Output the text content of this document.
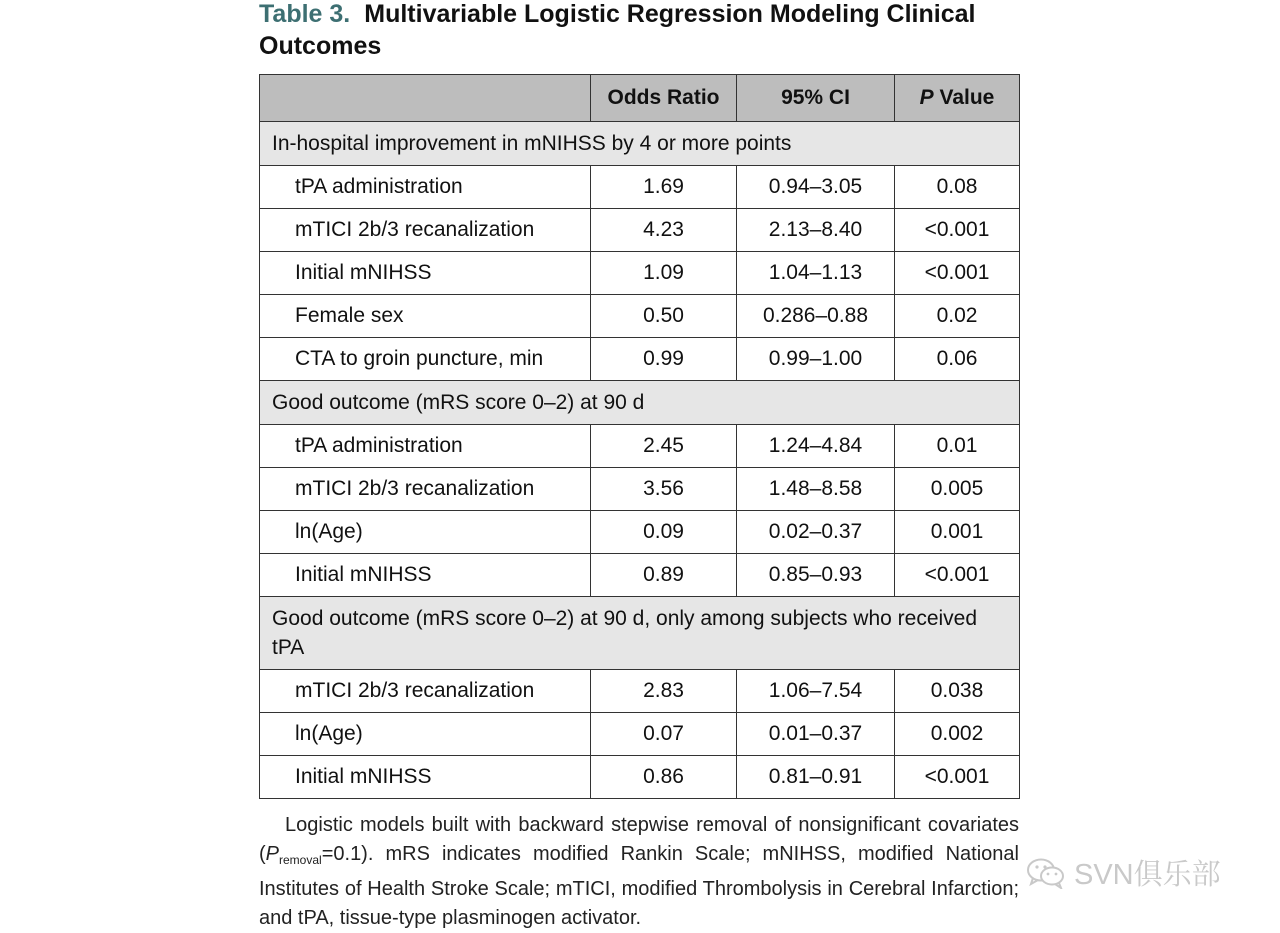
Table 3. Multivariable Logistic Regression Modeling Clinical Outcomes
	Odds Ratio	95% CI	P Value
In-hospital improvement in mNIHSS by 4 or more points			
tPA administration	1.69	0.94–3.05	0.08
mTICI 2b/3 recanalization	4.23	2.13–8.40	<0.001
Initial mNIHSS	1.09	1.04–1.13	<0.001
Female sex	0.50	0.286–0.88	0.02
CTA to groin puncture, min	0.99	0.99–1.00	0.06
Good outcome (mRS score 0–2) at 90 d			
tPA administration	2.45	1.24–4.84	0.01
mTICI 2b/3 recanalization	3.56	1.48–8.58	0.005
ln(Age)	0.09	0.02–0.37	0.001
Initial mNIHSS	0.89	0.85–0.93	<0.001
Good outcome (mRS score 0–2) at 90 d, only among subjects who received tPA			
mTICI 2b/3 recanalization	2.83	1.06–7.54	0.038
ln(Age)	0.07	0.01–0.37	0.002
Initial mNIHSS	0.86	0.81–0.91	<0.001
Logistic models built with backward stepwise removal of nonsignificant covariates $(P_{removal}=0.1)$. mRS indicates modified Rankin Scale; mNIHSS, modified National Institutes of Health Stroke Scale; mTICI, modified Thrombolysis in Cerebral Infarction; and tPA, tissue-type plasminogen activator.
SVN俱乐部
